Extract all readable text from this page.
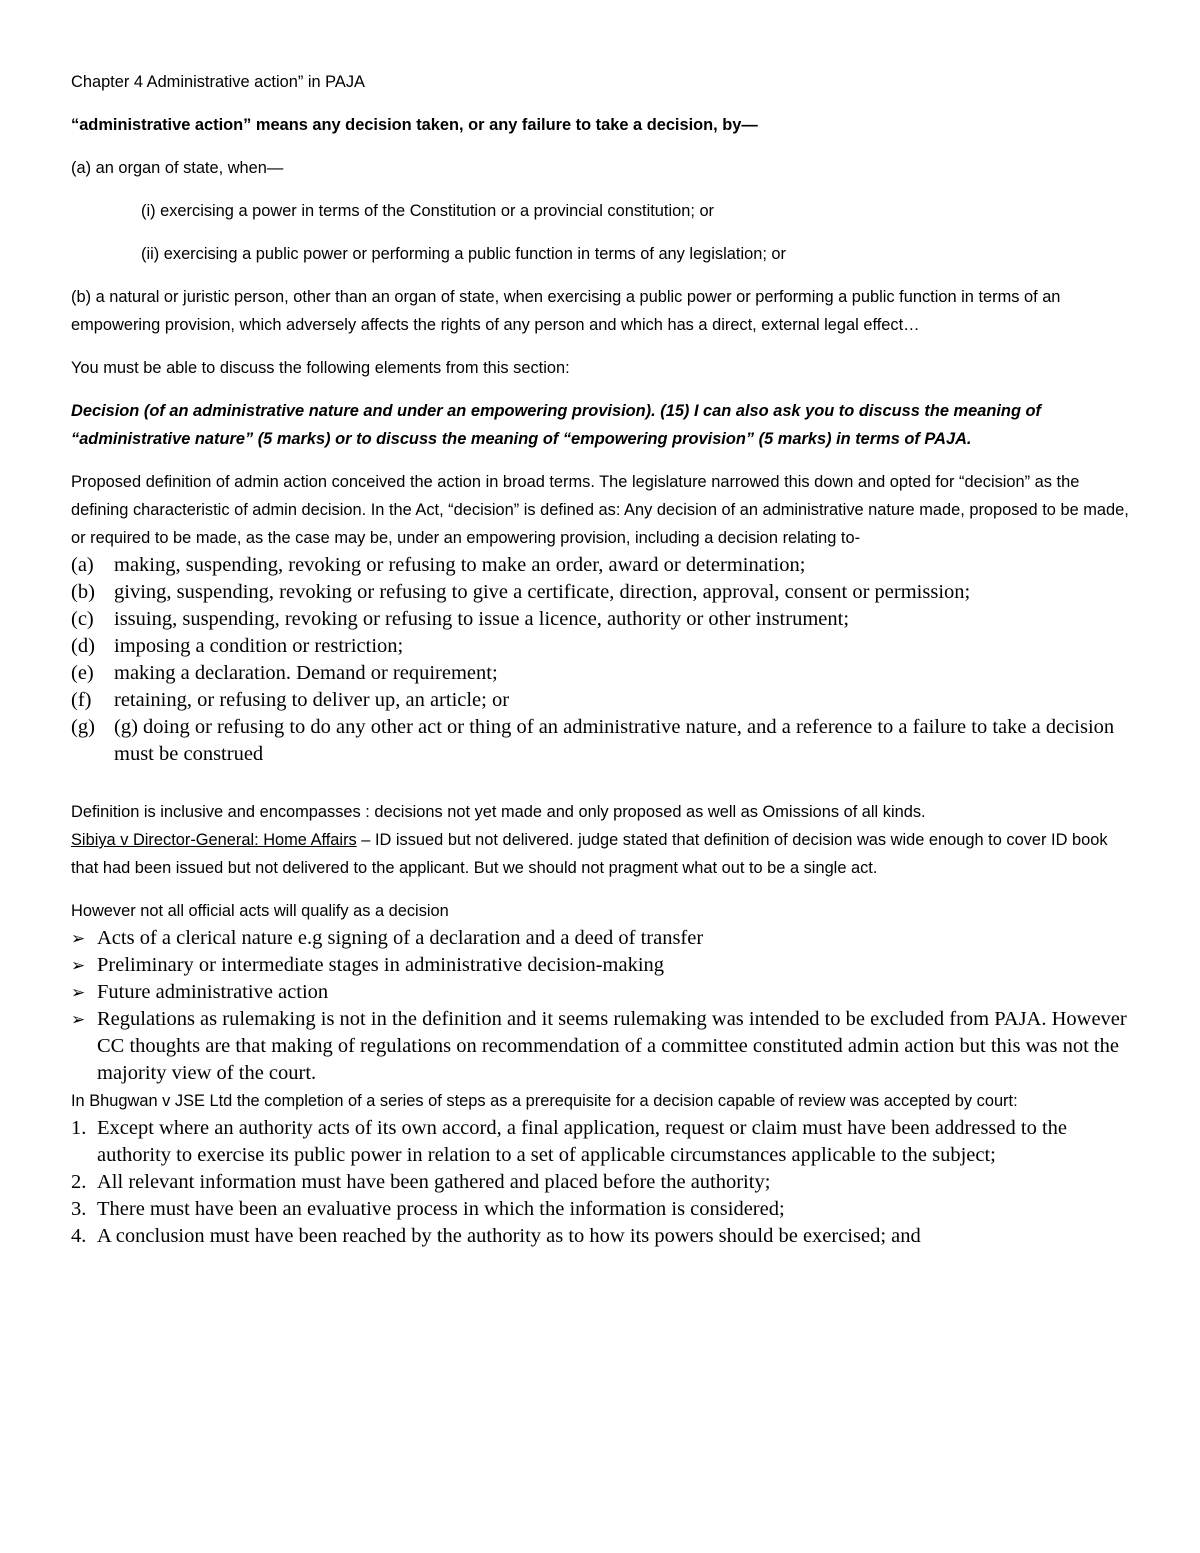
Chapter 4 Administrative action” in PAJA

“administrative action” means any decision taken, or any failure to take a decision, by—

(a) an organ of state, when—

(i) exercising a power in terms of the Constitution or a provincial constitution; or

(ii) exercising a public power or performing a public function in terms of any legislation; or

(b) a natural or juristic person, other than an organ of state, when exercising a public power or performing a public function in terms of an empowering provision, which adversely affects the rights of any person and which has a direct, external legal effect…

You must be able to discuss the following elements from this section:

Decision (of an administrative nature and under an empowering provision). (15) I can also ask you to discuss the meaning of “administrative nature” (5 marks) or to discuss the meaning of “empowering provision” (5 marks) in terms of PAJA.

Proposed definition of admin action conceived the action in broad terms. The legislature narrowed this down and opted for “decision” as the defining characteristic of admin decision. In the Act, “decision” is defined as: Any decision of an administrative nature made, proposed to be made, or required to be made, as the case may be, under an empowering provision, including a decision relating to-

(a) making, suspending, revoking or refusing to make an order, award or determination;
(b) giving, suspending, revoking or refusing to give a certificate, direction, approval, consent or permission;
(c) issuing, suspending, revoking or refusing to issue a licence, authority or other instrument;
(d) imposing a condition or restriction;
(e) making a declaration. Demand or requirement;
(f)	retaining, or refusing to deliver up, an article; or
(g) (g) doing or refusing to do any other act or thing of an administrative nature, and a reference to a failure to take a decision must be construed

Definition is inclusive and encompasses : decisions not yet made and only proposed as well as Omissions of all kinds.

Sibiya v Director-General: Home Affairs – ID issued but not delivered. judge stated that definition of decision was wide enough to cover ID book that had been issued but not delivered to the applicant. But we should not pragment what out to be a single act.

However not all official acts will qualify as a decision

➢ Acts of a clerical nature e.g signing of a declaration and a deed of transfer
➢ Preliminary or intermediate stages in administrative decision-making
➢ Future administrative action
➢ Regulations as rulemaking is not in the definition and it seems rulemaking was intended to be excluded from PAJA. However CC thoughts are that making of regulations on recommendation of a committee constituted admin action but this was not the majority view of the court.

In Bhugwan v JSE Ltd the completion of a series of steps as a prerequisite for a decision capable of review was accepted by court:

1. Except where an authority acts of its own accord, a final application, request or claim must have been addressed to the authority to exercise its public power in relation to a set of applicable circumstances applicable to the subject;
2. All relevant information must have been gathered and placed before the authority;
3. There must have been an evaluative process in which the information is considered;
4. A conclusion must have been reached by the authority as to how its powers should be exercised; and
